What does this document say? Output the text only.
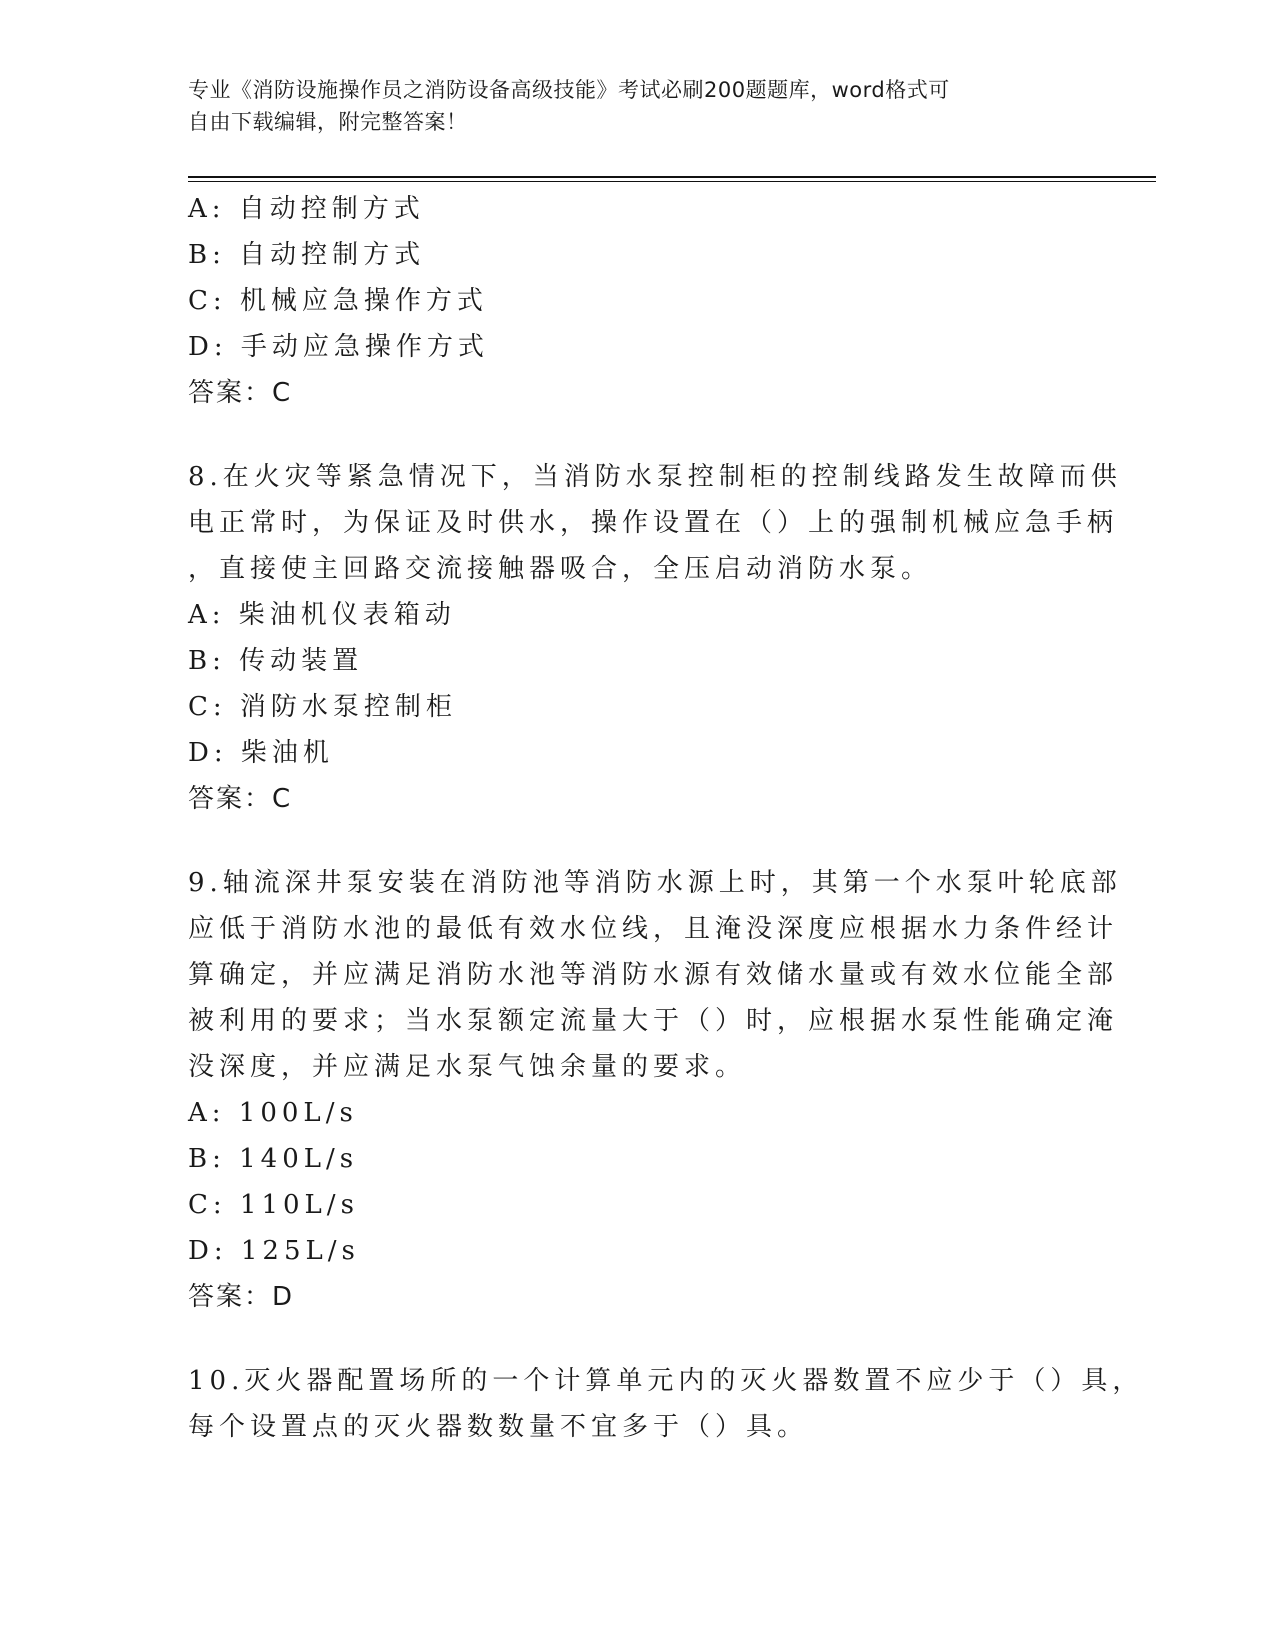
专业《消防设施操作员之消防设备高级技能》考试必刷200题题库，word格式可
自由下载编辑，附完整答案！
A: 自动控制方式
B: 自动控制方式
C: 机械应急操作方式
D: 手动应急操作方式
答案：C
8.在火灾等紧急情况下，当消防水泵控制柜的控制线路发生故障而供
电正常时，为保证及时供水，操作设置在（）上的强制机械应急手柄
，直接使主回路交流接触器吸合，全压启动消防水泵。
A: 柴油机仪表箱动
B: 传动装置
C: 消防水泵控制柜
D: 柴油机
答案：C
9.轴流深井泵安装在消防池等消防水源上时，其第一个水泵叶轮底部
应低于消防水池的最低有效水位线，且淹没深度应根据水力条件经计
算确定，并应满足消防水池等消防水源有效储水量或有效水位能全部
被利用的要求；当水泵额定流量大于（）时，应根据水泵性能确定淹
没深度，并应满足水泵气蚀余量的要求。
A: 100L/s
B: 140L/s
C: 110L/s
D: 125L/s
答案：D
10.灭火器配置场所的一个计算单元内的灭火器数置不应少于（）具，
每个设置点的灭火器数数量不宜多于（）具。
